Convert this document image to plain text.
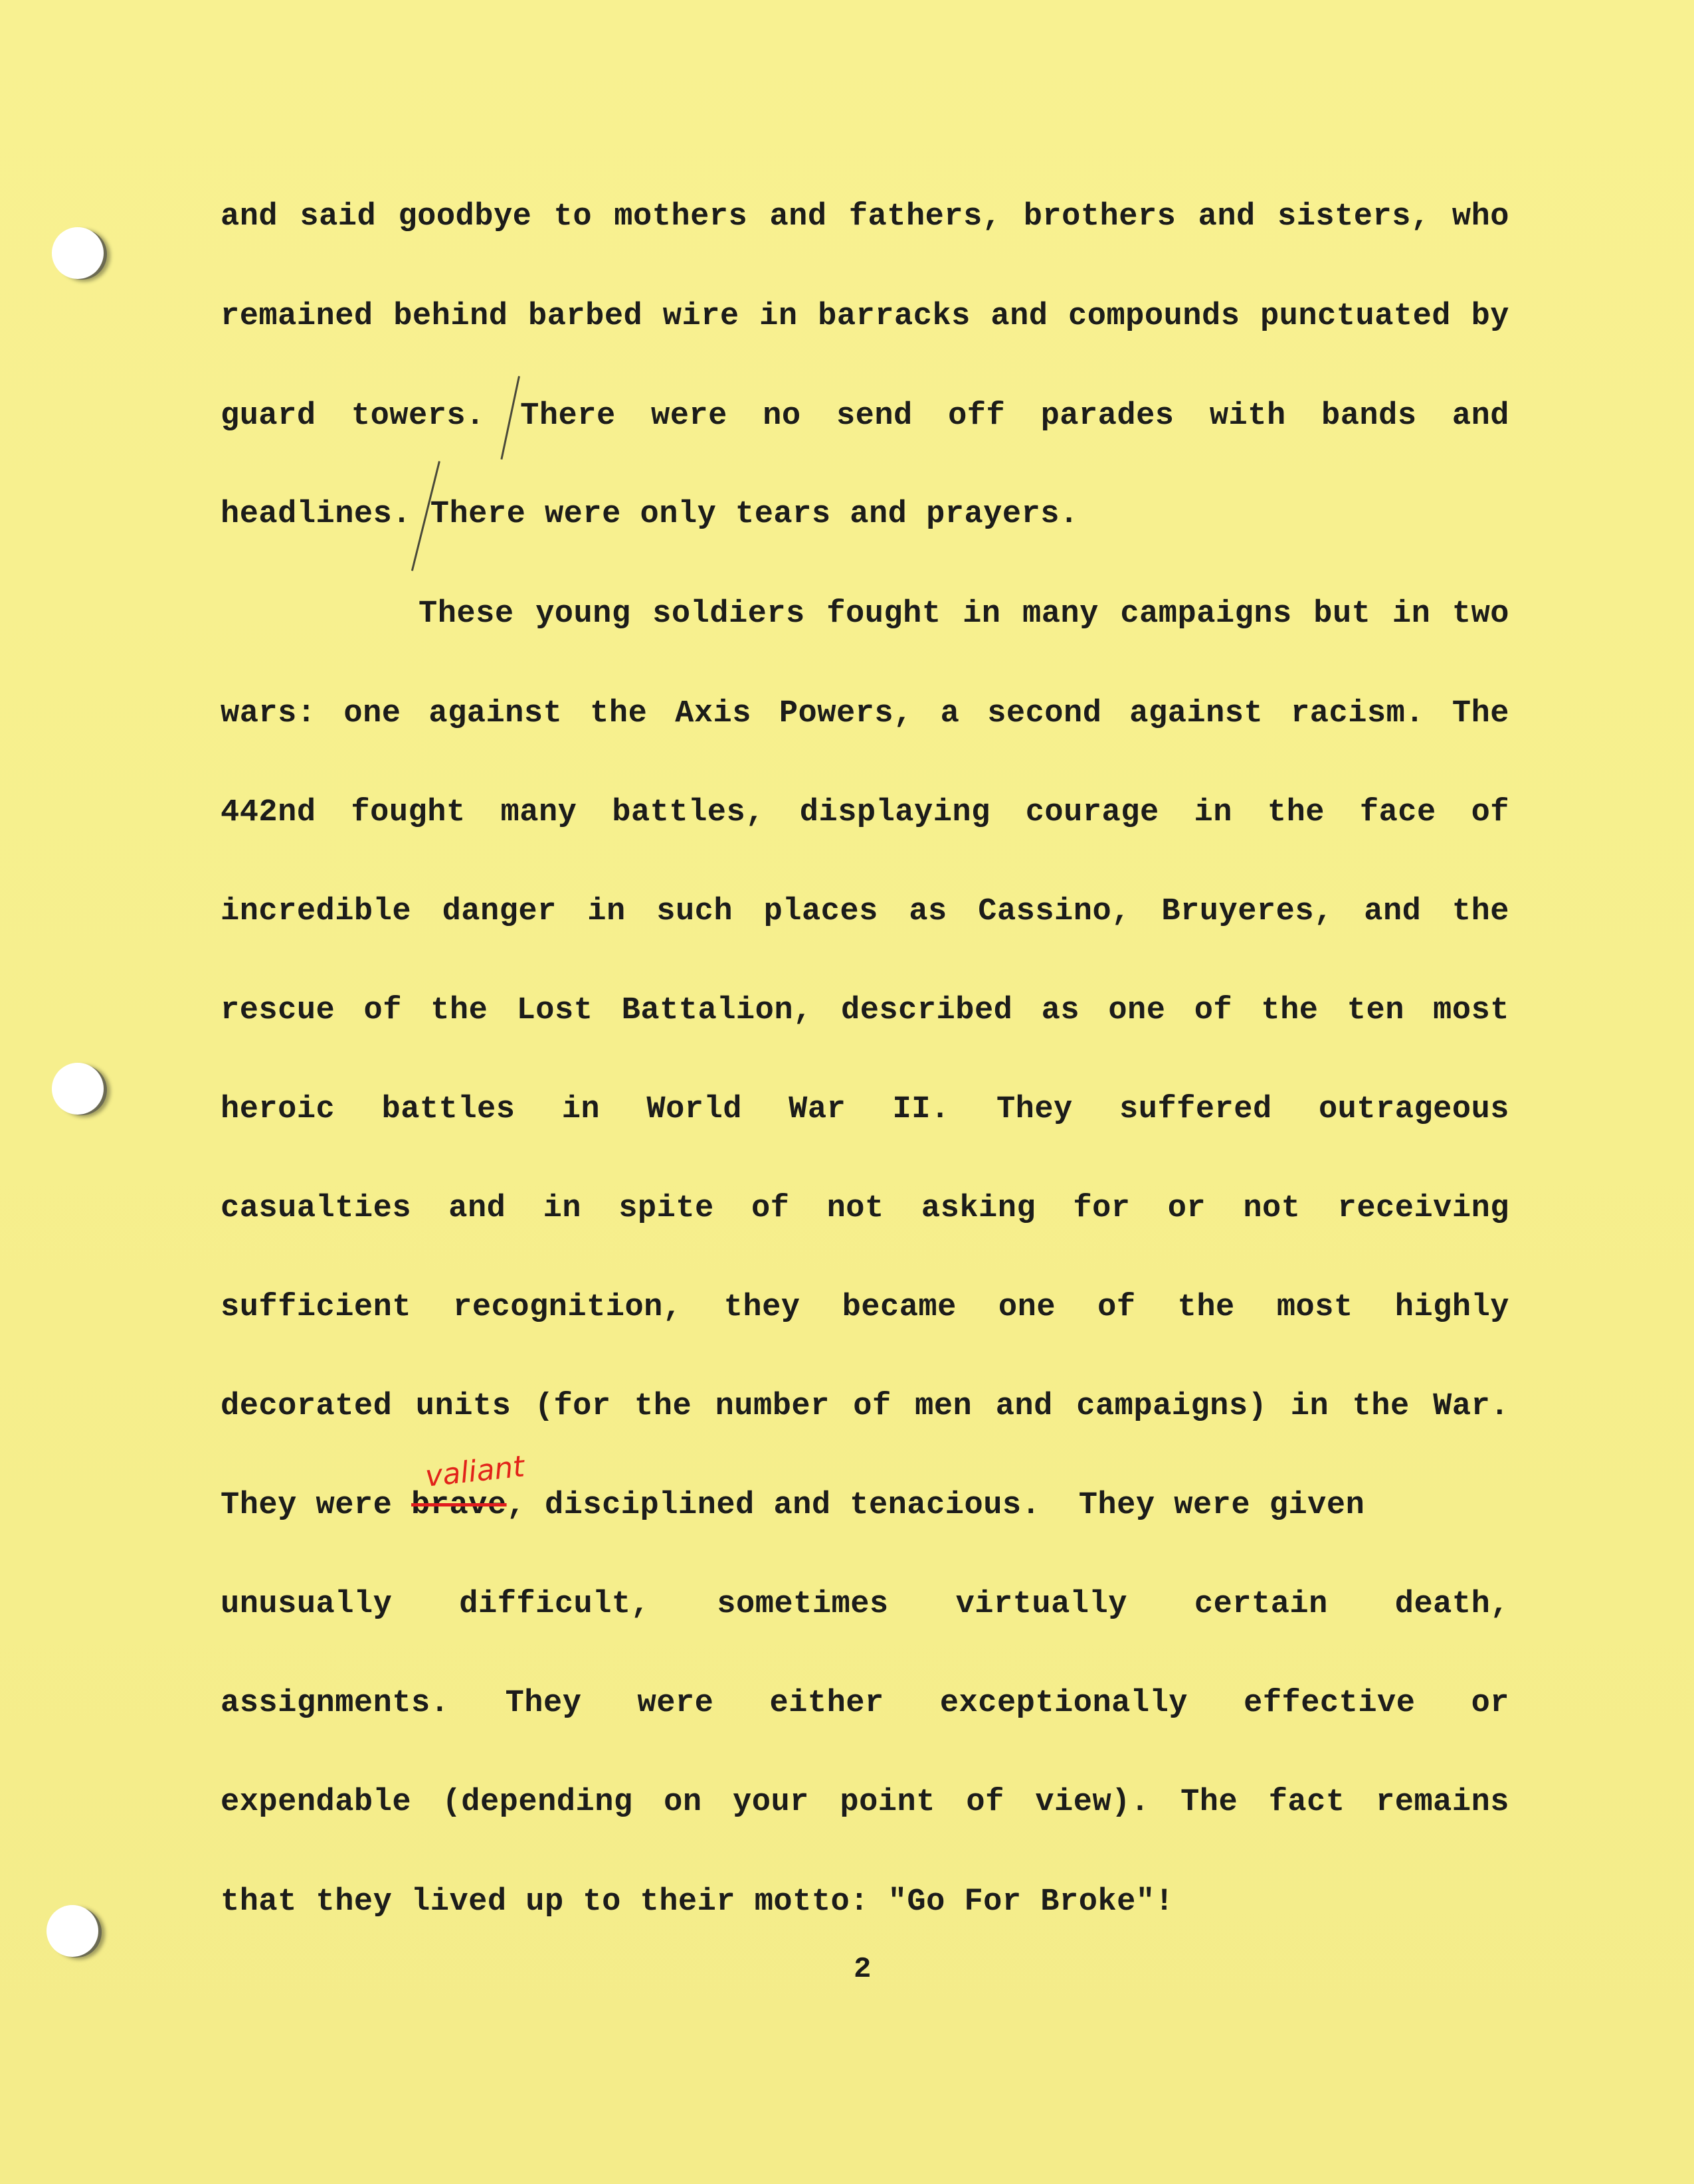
and said goodbye to mothers and fathers, brothers and sisters, who
remained behind barbed wire in barracks and compounds punctuated by
guard towers. There were no send off parades with bands and
headlines. There were only tears and prayers.
These young soldiers fought in many campaigns but in two
wars: one against the Axis Powers, a second against racism. The
442nd fought many battles, displaying courage in the face of
incredible danger in such places as Cassino, Bruyeres, and the
rescue of the Lost Battalion, described as one of the ten most
heroic battles in World War II. They suffered outrageous
casualties and in spite of not asking for or not receiving
sufficient recognition, they became one of the most highly
decorated units (for the number of men and campaigns) in the War.
They were brave, disciplined and tenacious.  They were given
valiant
unusually difficult, sometimes virtually certain death,
assignments. They were either exceptionally effective or
expendable (depending on your point of view). The fact remains
that they lived up to their motto: "Go For Broke"!
2
